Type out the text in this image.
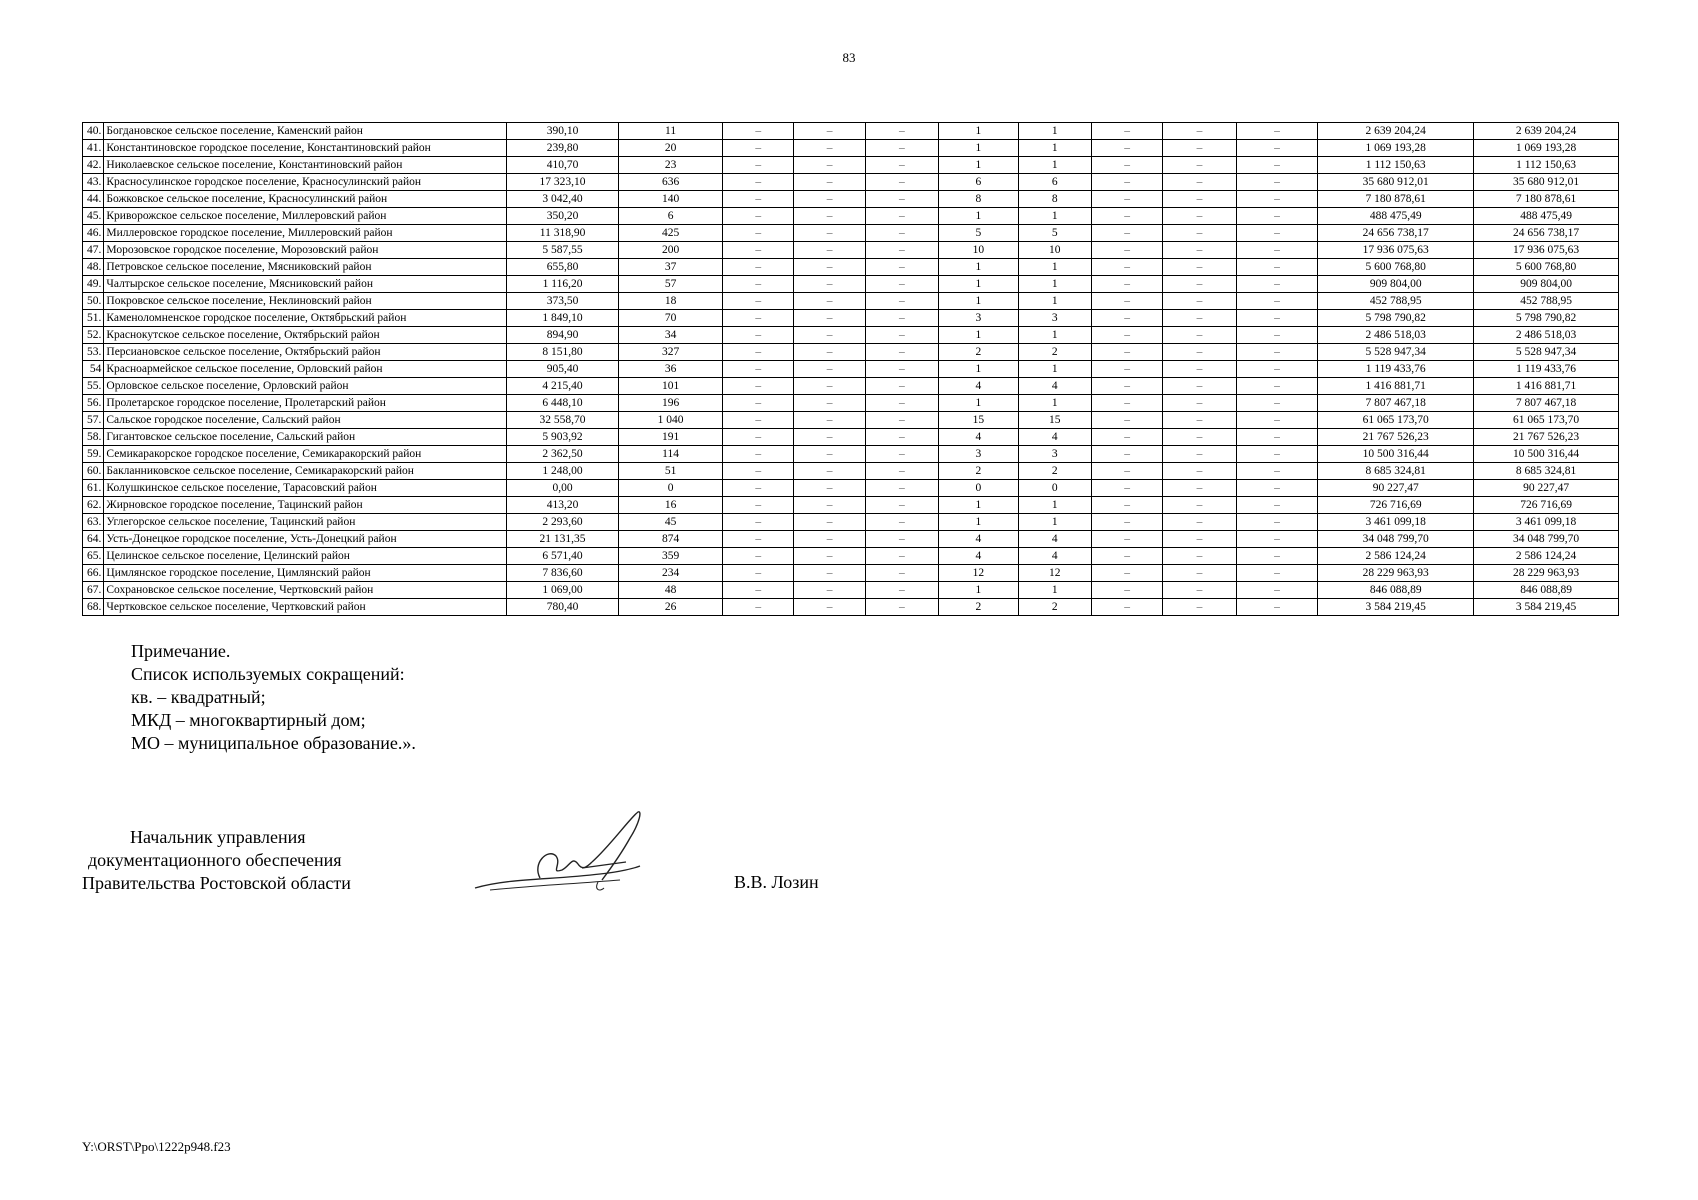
83
40.	Богдановское сельское поселение, Каменский район	390,10	11	–	–	–	1	1	–	–	–	2 639 204,24	2 639 204,24
41.	Константиновское городское поселение, Константиновский район	239,80	20	–	–	–	1	1	–	–	–	1 069 193,28	1 069 193,28
42.	Николаевское сельское поселение, Константиновский район	410,70	23	–	–	–	1	1	–	–	–	1 112 150,63	1 112 150,63
43.	Красносулинское городское поселение, Красносулинский район	17 323,10	636	–	–	–	6	6	–	–	–	35 680 912,01	35 680 912,01
44.	Божковское сельское поселение, Красносулинский район	3 042,40	140	–	–	–	8	8	–	–	–	7 180 878,61	7 180 878,61
45.	Криворожское сельское поселение, Миллеровский район	350,20	6	–	–	–	1	1	–	–	–	488 475,49	488 475,49
46.	Миллеровское городское поселение, Миллеровский район	11 318,90	425	–	–	–	5	5	–	–	–	24 656 738,17	24 656 738,17
47.	Морозовское городское поселение, Морозовский район	5 587,55	200	–	–	–	10	10	–	–	–	17 936 075,63	17 936 075,63
48.	Петровское сельское поселение, Мясниковский район	655,80	37	–	–	–	1	1	–	–	–	5 600 768,80	5 600 768,80
49.	Чалтырское сельское поселение, Мясниковский район	1 116,20	57	–	–	–	1	1	–	–	–	909 804,00	909 804,00
50.	Покровское сельское поселение, Неклиновский район	373,50	18	–	–	–	1	1	–	–	–	452 788,95	452 788,95
51.	Каменоломненское городское поселение, Октябрьский район	1 849,10	70	–	–	–	3	3	–	–	–	5 798 790,82	5 798 790,82
52.	Краснокутское сельское поселение, Октябрьский район	894,90	34	–	–	–	1	1	–	–	–	2 486 518,03	2 486 518,03
53.	Персиановское сельское поселение, Октябрьский район	8 151,80	327	–	–	–	2	2	–	–	–	5 528 947,34	5 528 947,34
54	Красноармейское сельское поселение, Орловский район	905,40	36	–	–	–	1	1	–	–	–	1 119 433,76	1 119 433,76
55.	Орловское сельское поселение, Орловский район	4 215,40	101	–	–	–	4	4	–	–	–	1 416 881,71	1 416 881,71
56.	Пролетарское городское поселение, Пролетарский район	6 448,10	196	–	–	–	1	1	–	–	–	7 807 467,18	7 807 467,18
57.	Сальское городское поселение, Сальский район	32 558,70	1 040	–	–	–	15	15	–	–	–	61 065 173,70	61 065 173,70
58.	Гигантовское сельское поселение, Сальский район	5 903,92	191	–	–	–	4	4	–	–	–	21 767 526,23	21 767 526,23
59.	Семикаракорское городское поселение, Семикаракорский район	2 362,50	114	–	–	–	3	3	–	–	–	10 500 316,44	10 500 316,44
60.	Бакланниковское сельское поселение, Семикаракорский район	1 248,00	51	–	–	–	2	2	–	–	–	8 685 324,81	8 685 324,81
61.	Колушкинское сельское поселение, Тарасовский район	0,00	0	–	–	–	0	0	–	–	–	90 227,47	90 227,47
62.	Жирновское городское поселение, Тацинский район	413,20	16	–	–	–	1	1	–	–	–	726 716,69	726 716,69
63.	Углегорское сельское поселение, Тацинский район	2 293,60	45	–	–	–	1	1	–	–	–	3 461 099,18	3 461 099,18
64.	Усть-Донецкое городское поселение, Усть-Донецкий район	21 131,35	874	–	–	–	4	4	–	–	–	34 048 799,70	34 048 799,70
65.	Целинское сельское поселение, Целинский район	6 571,40	359	–	–	–	4	4	–	–	–	2 586 124,24	2 586 124,24
66.	Цимлянское городское поселение, Цимлянский район	7 836,60	234	–	–	–	12	12	–	–	–	28 229 963,93	28 229 963,93
67.	Сохрановское сельское поселение, Чертковский район	1 069,00	48	–	–	–	1	1	–	–	–	846 088,89	846 088,89
68.	Чертковское сельское поселение, Чертковский район	780,40	26	–	–	–	2	2	–	–	–	3 584 219,45	3 584 219,45
Примечание.
Список используемых сокращений:
кв. – квадратный;
МКД – многоквартирный дом;
МО – муниципальное образование.».
Начальник управления
документационного обеспечения
Правительства Ростовской области	В.В. Лозин
Y:\ORST\Ppo\1222p948.f23
